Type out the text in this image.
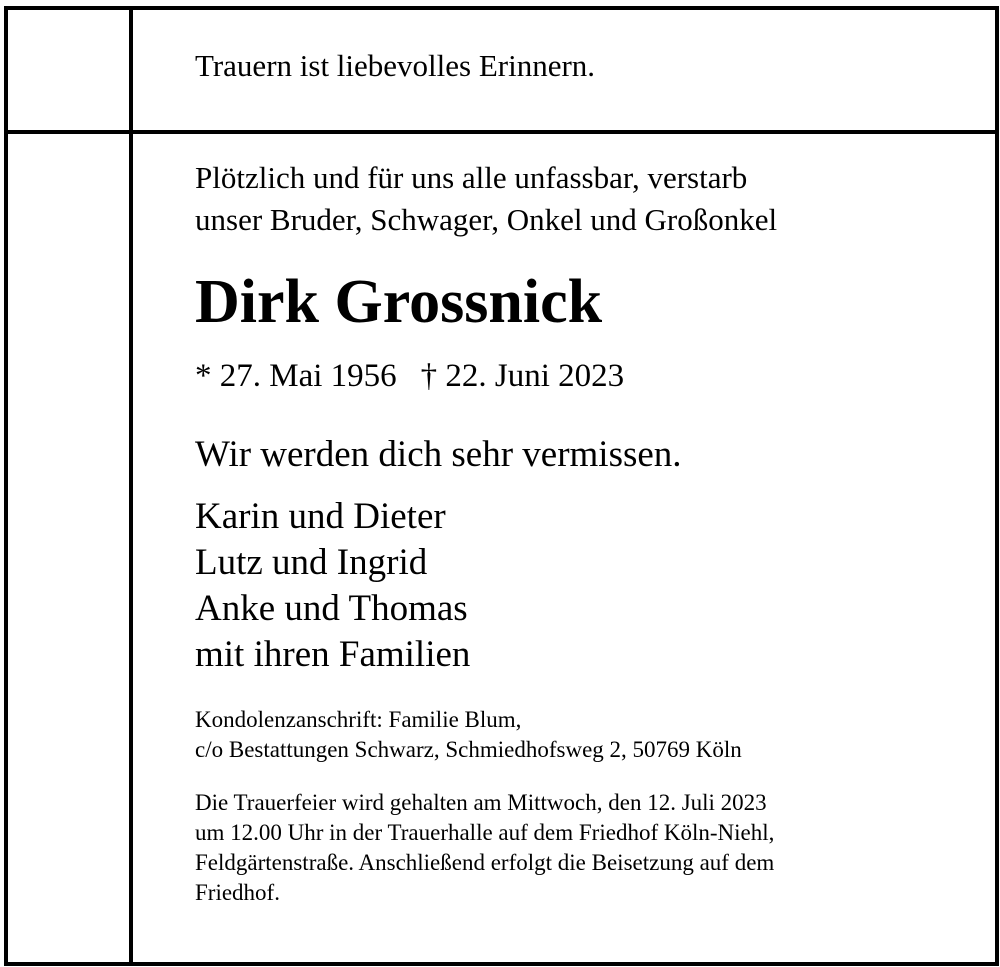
Trauern ist liebevolles Erinnern.
Plötzlich und für uns alle unfassbar, verstarb
unser Bruder, Schwager, Onkel und Großonkel
Dirk Grossnick
* 27. Mai 1956 † 22. Juni 2023
Wir werden dich sehr vermissen.
Karin und Dieter
Lutz und Ingrid
Anke und Thomas
mit ihren Familien
Kondolenzanschrift: Familie Blum,
c/o Bestattungen Schwarz, Schmiedhofsweg 2, 50769 Köln
Die Trauerfeier wird gehalten am Mittwoch, den 12. Juli 2023
um 12.00 Uhr in der Trauerhalle auf dem Friedhof Köln-Niehl,
Feldgärtenstraße. Anschließend erfolgt die Beisetzung auf dem
Friedhof.
